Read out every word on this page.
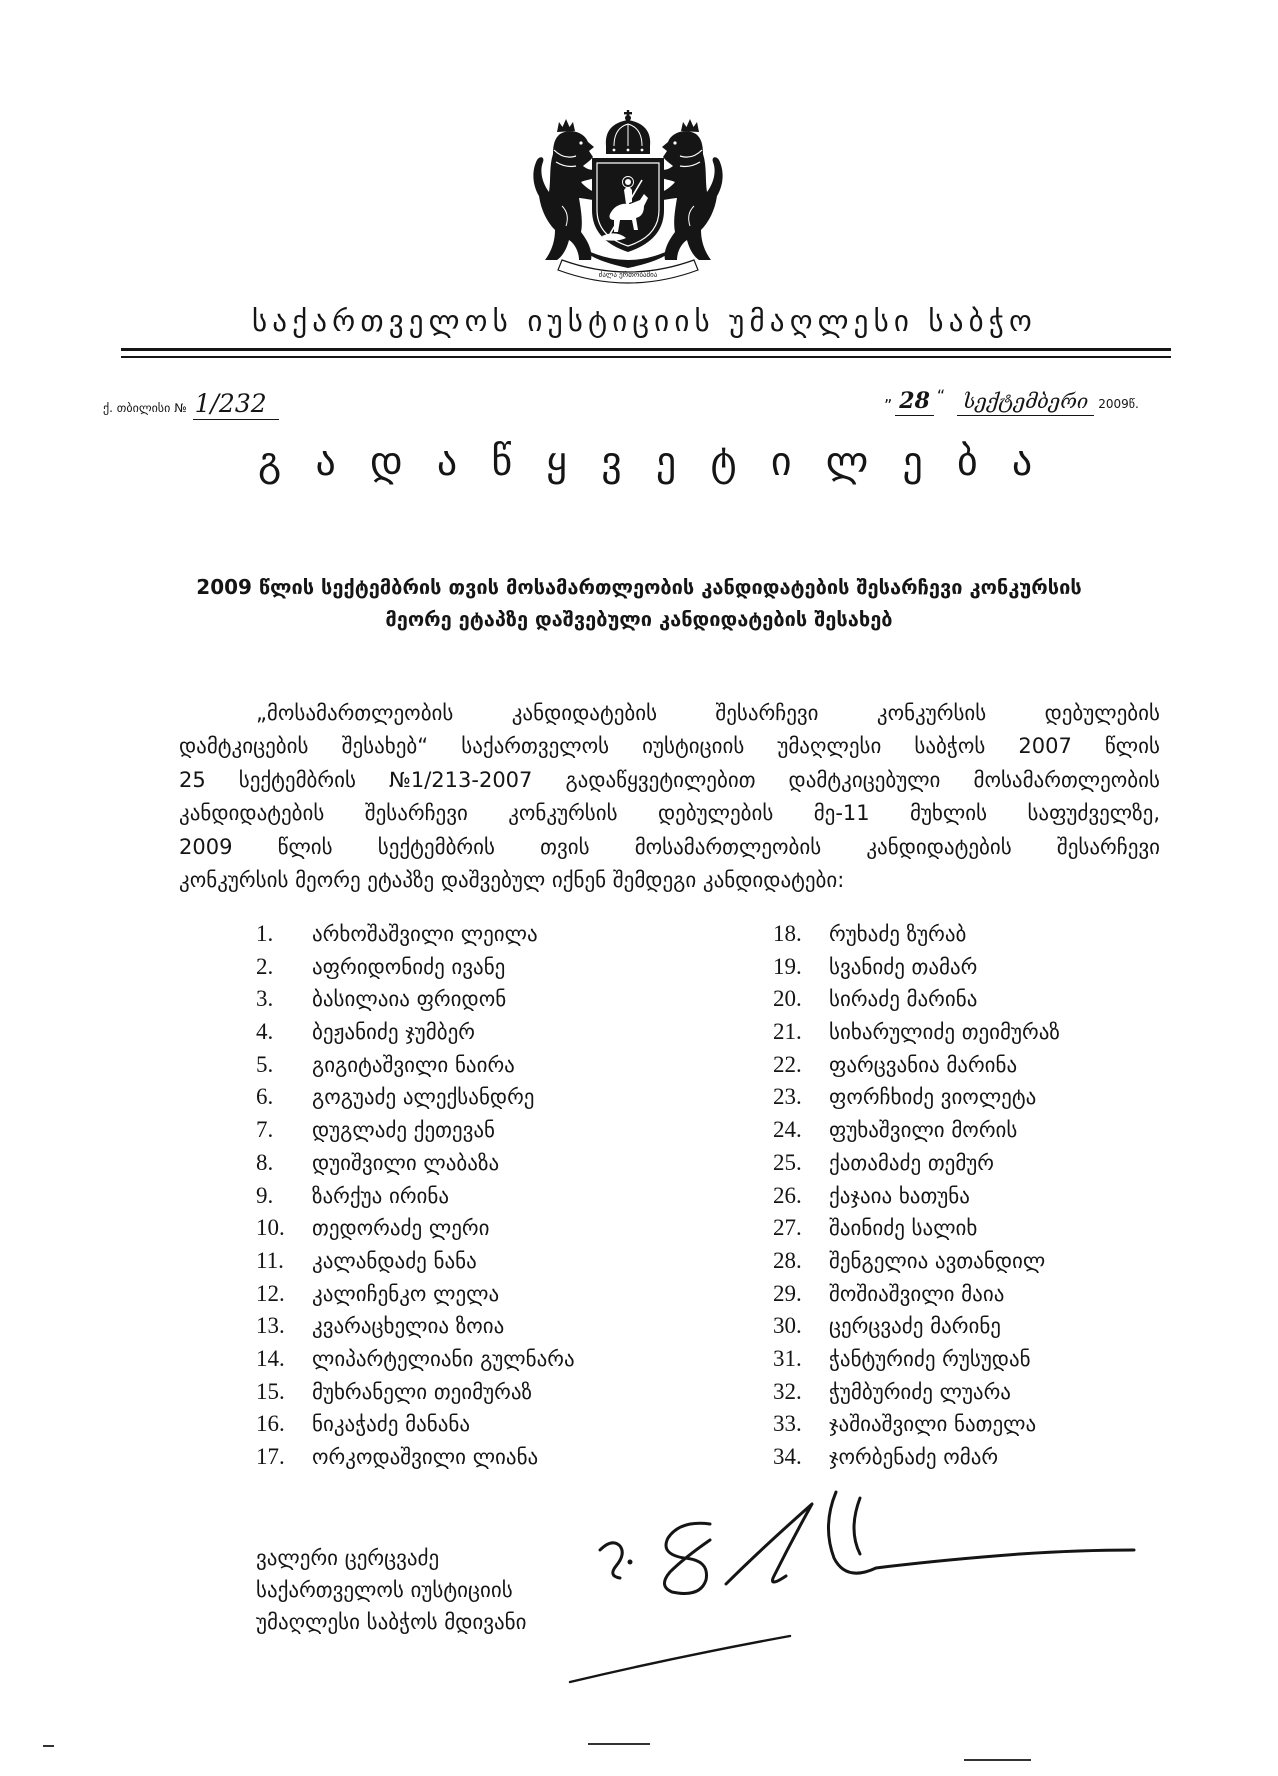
ძალა ერთობაშია
საქართველოს იუსტიციის უმაღლესი საბჭო
ქ. თბილისი № 1/232	„ 28 “ სექტემბერი 2009წ.
გ ა დ ა წ ყ ვ ე ტ ი ლ ე ბ ა
2009 წლის სექტემბრის თვის მოსამართლეობის კანდიდატების შესარჩევი კონკურსის
მეორე ეტაპზე დაშვებული კანდიდატების შესახებ
„მოსამართლეობის კანდიდატების შესარჩევი კონკურსის დებულების
დამტკიცების შესახებ“ საქართველოს იუსტიციის უმაღლესი საბჭოს 2007 წლის
25 სექტემბრის №1/213-2007 გადაწყვეტილებით დამტკიცებული მოსამართლეობის
კანდიდატების შესარჩევი კონკურსის დებულების მე-11 მუხლის საფუძველზე,
2009 წლის სექტემბრის თვის მოსამართლეობის კანდიდატების შესარჩევი
კონკურსის მეორე ეტაპზე დაშვებულ იქნენ შემდეგი კანდიდატები:
1. არხოშაშვილი ლეილა
2. აფრიდონიძე ივანე
3. ბასილაია ფრიდონ
4. ბეჟანიძე ჯუმბერ
5. გიგიტაშვილი ნაირა
6. გოგუაძე ალექსანდრე
7. დუგლაძე ქეთევან
8. დუიშვილი ლაბაზა
9. ზარქუა ირინა
10. თედორაძე ლერი
11. კალანდაძე ნანა
12. კალიჩენკო ლელა
13. კვარაცხელია ზოია
14. ლიპარტელიანი გულნარა
15. მუხრანელი თეიმურაზ
16. ნიკაჭაძე მანანა
17. ორკოდაშვილი ლიანა
18. რუხაძე ზურაბ
19. სვანიძე თამარ
20. სირაძე მარინა
21. სიხარულიძე თეიმურაზ
22. ფარცვანია მარინა
23. ფორჩხიძე ვიოლეტა
24. ფუხაშვილი მორის
25. ქათამაძე თემურ
26. ქაჯაია ხათუნა
27. შაინიძე სალიხ
28. შენგელია ავთანდილ
29. შოშიაშვილი მაია
30. ცერცვაძე მარინე
31. ჭანტურიძე რუსუდან
32. ჭუმბურიძე ლუარა
33. ჯაშიაშვილი ნათელა
34. ჯორბენაძე ომარ
ვალერი ცერცვაძე
საქართველოს იუსტიციის
უმაღლესი საბჭოს მდივანი
